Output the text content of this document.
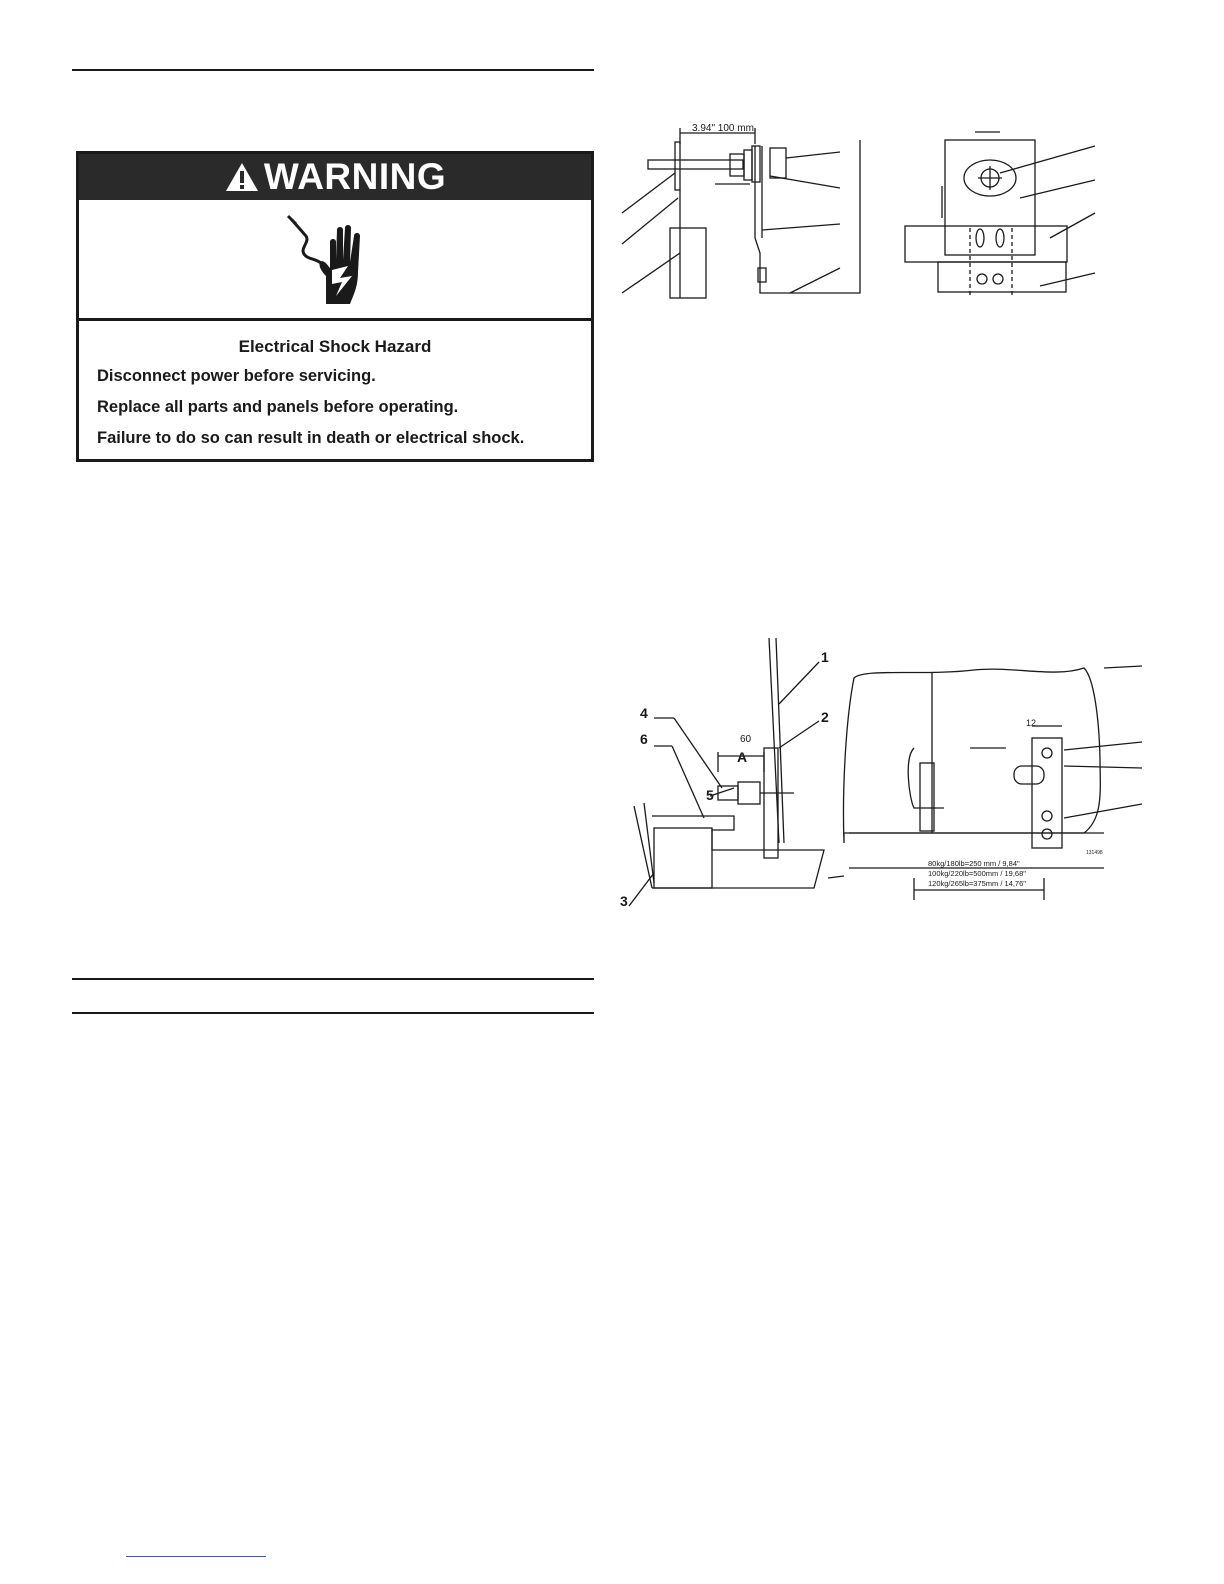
WARNING
Electrical Shock Hazard
Disconnect power before servicing.
Replace all parts and panels before operating.
Failure to do so can result in death or electrical shock.
3.94" 100 mm
1
2
3
4
5
6	60
A
12
80kg/180lb=250 mm / 9,84"
100kg/220lb=500mm / 19,68"
120kg/265lb=375mm / 14,76"
131498
